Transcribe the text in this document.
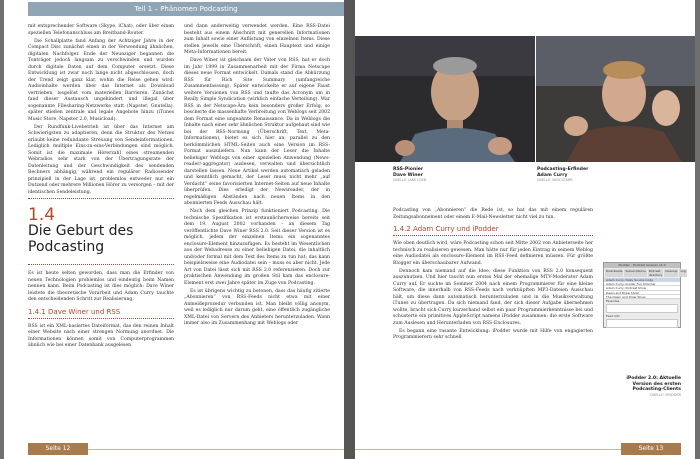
Teil 1 – Phänomen Podcasting

mit entsprechender Software (Skype, iChat), oder über einen speziellen Telefonanschluss am Breitband-Router.

Die Schallplatte fand Anfang der Achtziger Jahre in der Compact Disc zunächst einen in der Verwendung ähnlichen, digitalen Nachfolger. Ende der Neunziger begannen die Tonträger jedoch langsam zu verschwinden und wurden durch digitale Daten auf dem Computer ersetzt. Diese Entwicklung ist zwar noch lange nicht abgeschlossen, doch der Trend zeigt ganz klar, wohin die Reise gehen wird: Audioinhalte werden über das Internet als Download vertrieben, losgelöst vom materiellen Barrieren. Zunächst fand dieser Austausch ungehindert und illegal über sogenannte Filesharing-Netzwerke statt (Napster, Gnutella), später stießen zentrale und legale Angebote hinzu (iTunes Music Store, Napster 2.0, Musicload).

Der Rundfunk-Livebetrieb ist über das Internet am Schwierigsten zu adaptieren, denn die Struktur des Netzes erlaubt keine redundante Streuung von Sendeinformationen. Lediglich multiple Eins-zu-eins-Verbindungen sind möglich. Somit ist die maximale Hörerzahl eines streamenden Webradios sehr stark von der Übertragungsrate der Datenleitung und der Geschwindigkeit des sendenden Rechners abhängig, während ein regulärer Radiosender prinzipiell in der Lage ist, problemlos entweder nur ein Dutzend oder mehrere Millionen Hörer zu versorgen – mit der identischen Sendeleistung.

1.4
Die Geburt des
Podcasting

Es ist heute selten geworden, dass man die Erfinder von neuen Technologien problemlos und eindeutig beim Namen nennen kann. Beim Podcasting ist dies möglich: Dave Winer leistete die theoretische Vorarbeit und Adam Curry tauchte den entscheidenden Schritt zur Realisierung.

1.4.1 Dave Winer und RSS

RSS ist ein XML-basiertes Dateiformat, das den reinen Inhalt einer Website nach einer strengen Normung anordnet. Die Informationen können somit von Computerprogrammen ähnlich wie bei einer Datenbank ausgelesen

und dann anderweitig verwendet werden. Eine RSS-Datei besteht aus einem Abschnitt mit generellen Informationen zum Inhalt sowie einer Auflistung von einzelnen Items. Diese stellen jeweils eine Überschrift, einen Hauptext und einige Meta-Informationen bereit.

Dave Winer ist gleichsam der Vater von RSS, hat er doch im Jahr 1999 in Zusammenarbeit mit der Firma Netscape dieses neue Format entwickelt. Damals stand die Abkürzung RSS für Rich Site Summary (umfangreiche Zusammenfassung). Später entwickelte er auf eigene Faust weitere Versionen von RSS und taufte das Acronym um in Really Simple Syndication (wirklich einfache Verteilung). War RSS in der Netscape-Ära kein besonders großer Erfolg, so bescherte die massenhafte Verbreitung von Weblogs seit 2002 dem Format eine ungeahnte Renaissance. Da in Weblogs die Inhalte nach einer sehr ähnlichen Struktur aufgebaut sind wie bei der RSS-Normung (Überschrift, Text, Meta-Informationen), bietet es sich hier an, parallel zu den herkömmlichen HTML-Seiten auch eine Version im RSS-Format auszuliefern. Nun kann der Leser die Inhalte beliebiger Weblogs von einer speziellen Anwendung (News-reader/-aggregator) auslesen, verwalten und übersichtlich darstellen lassen. Neue Artikel werden automatisch geladen und kenntlich gemacht, der Leser muss nicht mehr „auf Verdacht“ seine favorisierten Internet-Seiten auf neue Inhalte überprüfen. Dies erledigt der Newsreader, der in regelmäßigen Abständen nach neuen Items in den abonnierten Feeds Ausschau hält.

Nach dem gleichen Prinzip funktioniert Podcasting. Die technische Spezifikation ist erstaunlicherweise bereits seit dem 19. August 2002 vorhanden – an diesem Tag veröffentlichte Dave Winer RSS 2.0. Seit dieser Version ist es möglich, jedem der einzelnen Items ein sogenanntes enclosure-Element hinzuzufügen. Es besteht im Wesentlichen aus der Webadresse zu einer beliebigen Datei, die inhaltlich und/oder formal mit dem Text des Items zu tun hat; das kann beispielsweise eine Audiodatei sein – muss es aber nicht. Jede Art von Datei lässt sich mit RSS 2.0 referenzieren. Doch zur praktischen Anwendung im großen Stil kam das enclosure-Element erst zwei Jahre später im Zuge von Podcasting.

Es ist übrigens wichtig zu betonen, dass das häufig zitierte „Abonnieren“ von RSS-Feeds nicht etwa mit einer Anmeldeprozedur verbunden ist. Man bleibt völlig anonym, weil es lediglich nur darum geht, eine öffentlich zugängliche XML-Datei von Servern des Anbieters herunterzuladen. Wann immer also im Zusammenhang mit Weblogs oder

Seite 12
RSS-Pionier
Dave Winer
QUELLE: JAKE LOEB
Podcasting-Erfinder
Adam Curry
QUELLE: NICK STARR

Podcasting von „Abonnieren“ die Rede ist, so hat das mit einem regulären Zeitungsabonnement oder einem E-Mail-Newsletter nicht viel zu tun.

1.4.2 Adam Curry und iPodder

Wie oben deutlich wird, wäre Podcasting schon seit Mitte 2002 von Anbieterseite her technisch zu realisieren gewesen. Man hätte nur für jeden Eintrag in seinem Weblog eine Audiodatei als enclosure-Element im RSS-Feed definieren müssen. Für größte Blogger ein überschaubarer Aufwand.

Dennoch kam niemand auf die Idee, diese Funktion von RSS 2.0 konsequent auszunutzen. Und hier taucht nun erstes Mal der ehemalige MTV-Moderator Adam Curry auf. Er suchte im Sommer 2004 nach einem Programmierer für eine kleine Software, die innerhalb von RSS-Feeds nach verknüpften MP3-Dateien Ausschau hält, um diese dann automatisch herunterzuladen und in die Musikverwaltung iTunes zu übertragen. Da sich niemand fand, der sich dieser Aufgabe übernehmen wollte, bracht sich Curry kurzerhand selbst ein paar Programmierkenntnisse bei und schusterte ein primitives AppleScript namens iPodder zusammen: die erste Software zum Auslesen und Herunterladen von RSS-Enclosures.

Es begann eine rasante Entwicklung: iPodder wurde mit Hilfe von engagierten Programmierern sehr schnell

iPodder – Podcast receiver v1.0
Downloads	Subscriptions	Podcast directory
Cleanup	Log
Adam Curry: Daily Source Code
Adam Curry: Insider Fun Channel
Adam Curry: Podcast Show
Dawn and Drew Show
The Dawn and Drew Show
Episodes
Feed Info
iPodder 2.0: Aktuelle
Version des ersten
Podcasting-Clients
QUELLE: IPODDER
Seite 13
